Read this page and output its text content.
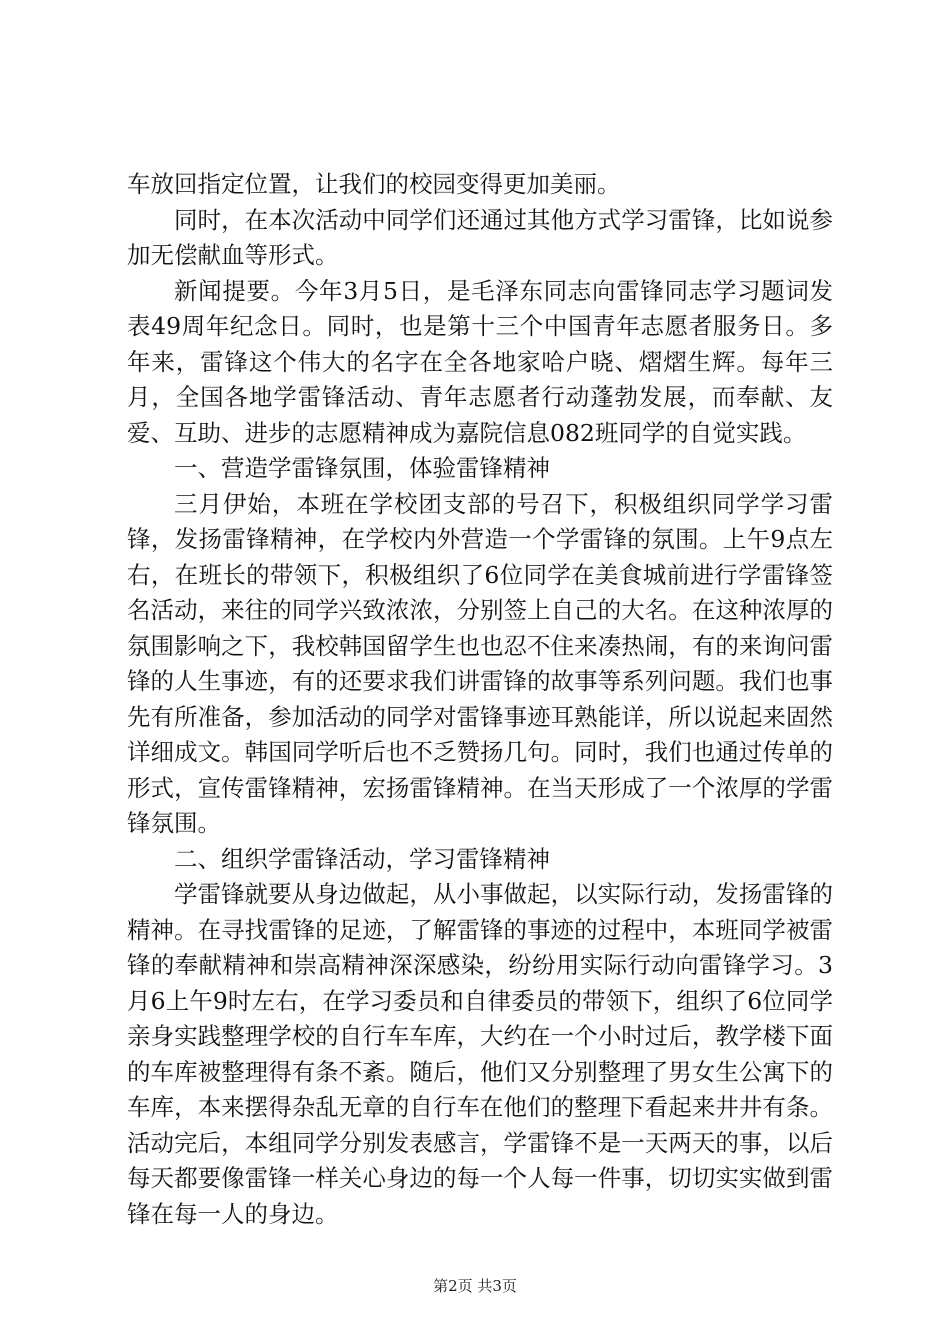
车放回指定位置，让我们的校园变得更加美丽。

同时，在本次活动中同学们还通过其他方式学习雷锋，比如说参加无偿献血等形式。

新闻提要。今年3月5日，是毛泽东同志向雷锋同志学习题词发表49周年纪念日。同时，也是第十三个中国青年志愿者服务日。多年来，雷锋这个伟大的名字在全各地家哈户晓、熠熠生辉。每年三月，全国各地学雷锋活动、青年志愿者行动蓬勃发展，而奉献、友爱、互助、进步的志愿精神成为嘉院信息082班同学的自觉实践。

一、营造学雷锋氛围，体验雷锋精神

三月伊始，本班在学校团支部的号召下，积极组织同学学习雷锋，发扬雷锋精神，在学校内外营造一个学雷锋的氛围。上午9点左右，在班长的带领下，积极组织了6位同学在美食城前进行学雷锋签名活动，来往的同学兴致浓浓，分别签上自己的大名。在这种浓厚的氛围影响之下，我校韩国留学生也也忍不住来凑热闹，有的来询问雷锋的人生事迹，有的还要求我们讲雷锋的故事等系列问题。我们也事先有所准备，参加活动的同学对雷锋事迹耳熟能详，所以说起来固然详细成文。韩国同学听后也不乏赞扬几句。同时，我们也通过传单的形式，宣传雷锋精神，宏扬雷锋精神。在当天形成了一个浓厚的学雷锋氛围。

二、组织学雷锋活动，学习雷锋精神

学雷锋就要从身边做起，从小事做起，以实际行动，发扬雷锋的精神。在寻找雷锋的足迹，了解雷锋的事迹的过程中，本班同学被雷锋的奉献精神和崇高精神深深感染，纷纷用实际行动向雷锋学习。3月6上午9时左右，在学习委员和自律委员的带领下，组织了6位同学亲身实践整理学校的自行车车库，大约在一个小时过后，教学楼下面的车库被整理得有条不紊。随后，他们又分别整理了男女生公寓下的车库，本来摆得杂乱无章的自行车在他们的整理下看起来井井有条。活动完后，本组同学分别发表感言，学雷锋不是一天两天的事，以后每天都要像雷锋一样关心身边的每一个人每一件事，切切实实做到雷锋在每一人的身边。

第2页 共3页
